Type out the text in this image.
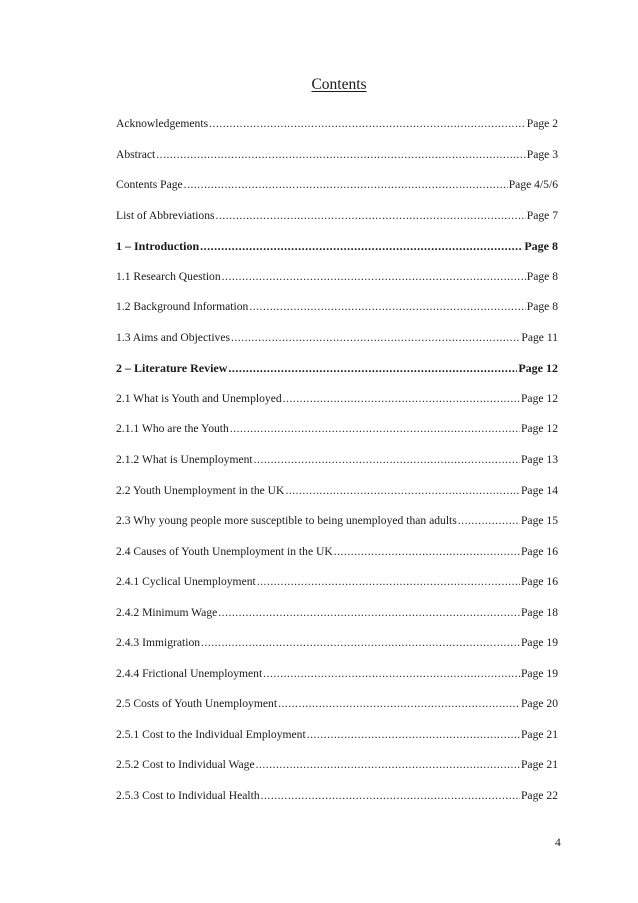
Contents
Acknowledgements .....	Page 2
Abstract .....	Page 3
Contents Page .....	Page 4/5/6
List of Abbreviations .....	Page 7
1 – Introduction .....	Page 8
1.1 Research Question .....	Page 8
1.2 Background Information .....	Page 8
1.3 Aims and Objectives .....	Page 11
2 – Literature Review .....	Page 12
2.1 What is Youth and Unemployed .....	Page 12
2.1.1 Who are the Youth .....	Page 12
2.1.2 What is Unemployment .....	Page 13
2.2 Youth Unemployment in the UK .....	Page 14
2.3 Why young people more susceptible to being unemployed than adults .....	Page 15
2.4 Causes of Youth Unemployment in the UK .....	Page 16
2.4.1 Cyclical Unemployment .....	Page 16
2.4.2 Minimum Wage .....	Page 18
2.4.3 Immigration .....	Page 19
2.4.4 Frictional Unemployment .....	Page 19
2.5 Costs of Youth Unemployment .....	Page 20
2.5.1 Cost to the Individual Employment .....	Page 21
2.5.2 Cost to Individual Wage .....	Page 21
2.5.3 Cost to Individual Health .....	Page 22
4
